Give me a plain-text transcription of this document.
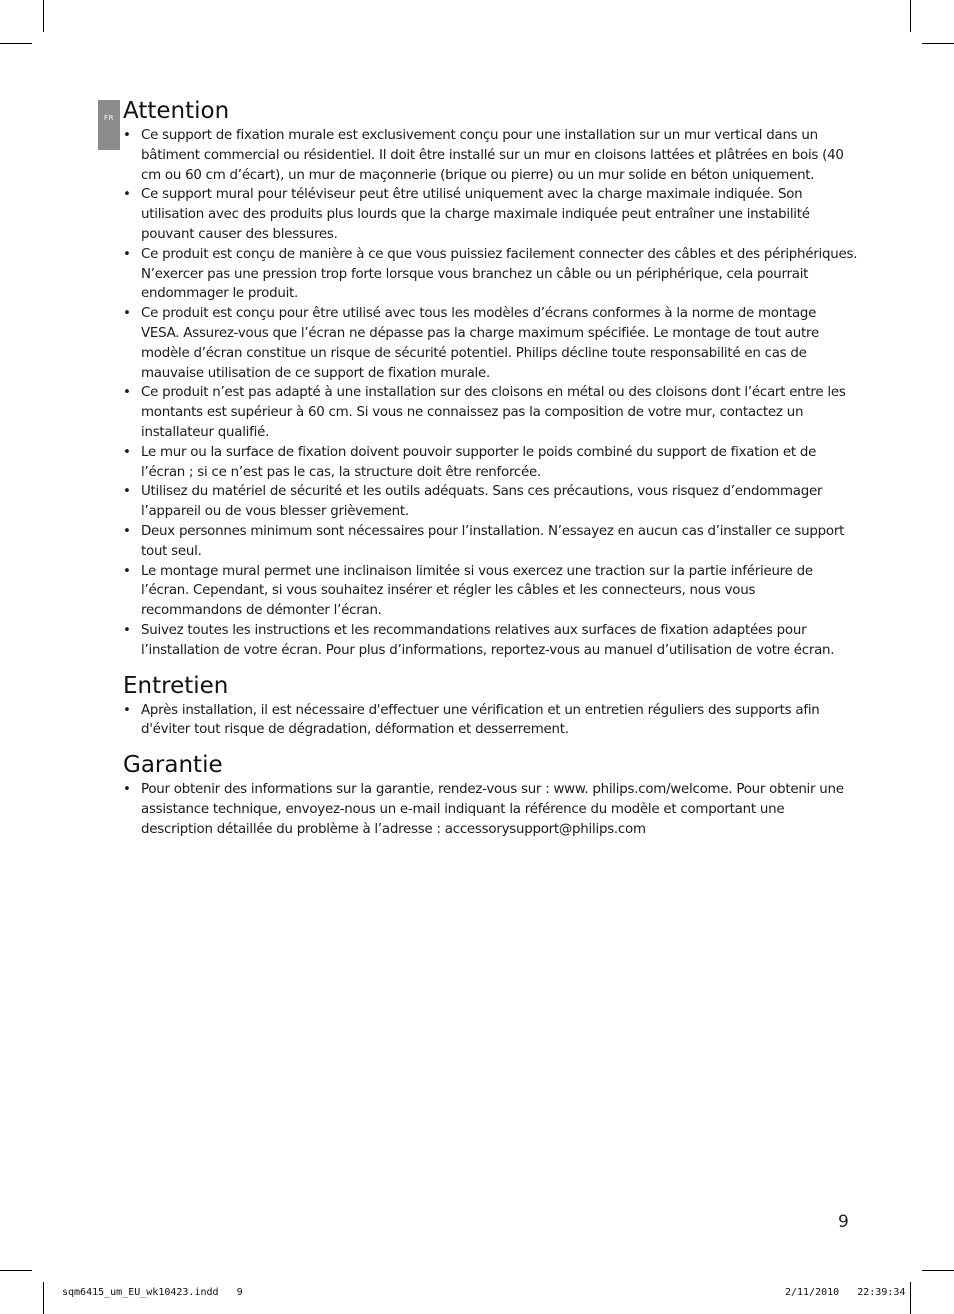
FR Attention
• Ce support de fixation murale est exclusivement conçu pour une installation sur un mur vertical dans un bâtiment commercial ou résidentiel. Il doit être installé sur un mur en cloisons lattées et plâtrées en bois (40 cm ou 60 cm d’écart), un mur de maçonnerie (brique ou pierre) ou un mur solide en béton uniquement.
• Ce support mural pour téléviseur peut être utilisé uniquement avec la charge maximale indiquée. Son utilisation avec des produits plus lourds que la charge maximale indiquée peut entraîner une instabilité pouvant causer des blessures.
• Ce produit est conçu de manière à ce que vous puissiez facilement connecter des câbles et des périphériques. N’exercer pas une pression trop forte lorsque vous branchez un câble ou un périphérique, cela pourrait endommager le produit.
• Ce produit est conçu pour être utilisé avec tous les modèles d’écrans conformes à la norme de montage VESA. Assurez-vous que l’écran ne dépasse pas la charge maximum spécifiée. Le montage de tout autre modèle d’écran constitue un risque de sécurité potentiel. Philips décline toute responsabilité en cas de mauvaise utilisation de ce support de fixation murale.
• Ce produit n’est pas adapté à une installation sur des cloisons en métal ou des cloisons dont l’écart entre les montants est supérieur à 60 cm. Si vous ne connaissez pas la composition de votre mur, contactez un installateur qualifié.
• Le mur ou la surface de fixation doivent pouvoir supporter le poids combiné du support de fixation et de l’écran ; si ce n’est pas le cas, la structure doit être renforcée.
• Utilisez du matériel de sécurité et les outils adéquats. Sans ces précautions, vous risquez d’endommager l’appareil ou de vous blesser grièvement.
• Deux personnes minimum sont nécessaires pour l’installation. N’essayez en aucun cas d’installer ce support tout seul.
• Le montage mural permet une inclinaison limitée si vous exercez une traction sur la partie inférieure de l’écran. Cependant, si vous souhaitez insérer et régler les câbles et les connecteurs, nous vous recommandons de démonter l’écran.
• Suivez toutes les instructions et les recommandations relatives aux surfaces de fixation adaptées pour l’installation de votre écran. Pour plus d’informations, reportez-vous au manuel d’utilisation de votre écran.
Entretien
• Après installation, il est nécessaire d'effectuer une vérification et un entretien réguliers des supports afin d'éviter tout risque de dégradation, déformation et desserrement.
Garantie
• Pour obtenir des informations sur la garantie, rendez-vous sur : www. philips.com/welcome. Pour obtenir une assistance technique, envoyez-nous un e-mail indiquant la référence du modèle et comportant une description détaillée du problème à l’adresse : accessorysupport@philips.com
9
sqm6415_um_EU_wk10423.indd 9	2/11/2010 22:39:34
